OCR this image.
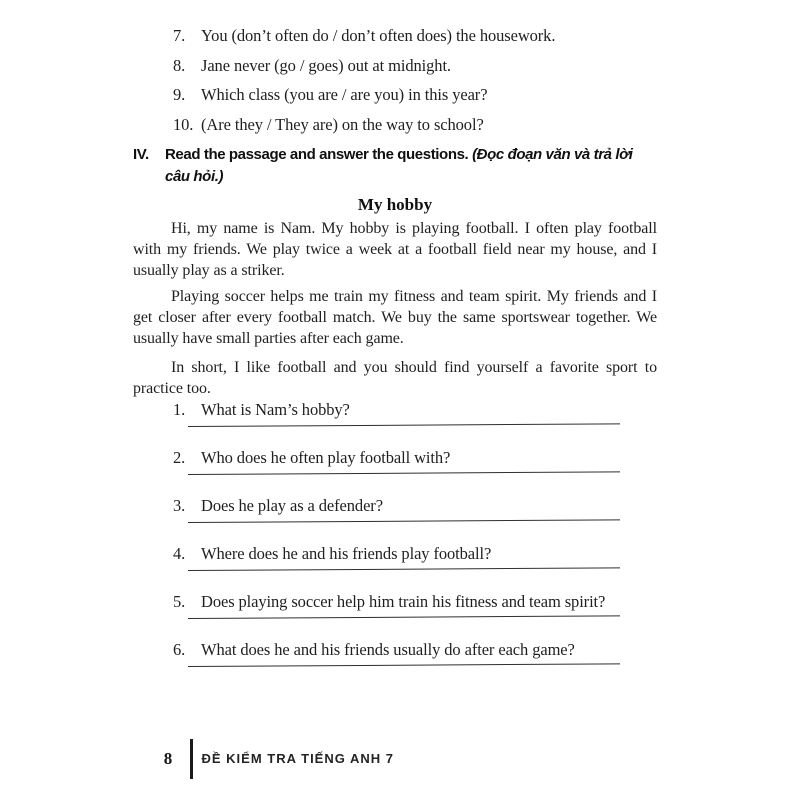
7. You (don’t often do / don’t often does) the housework.
8. Jane never (go / goes) out at midnight.
9. Which class (you are / are you) in this year?
10. (Are they / They are) on the way to school?
IV.	Read the passage and answer the questions. (Đọc đoạn văn và trả lời câu hỏi.)
My hobby

Hi, my name is Nam. My hobby is playing football. I often play football with my friends. We play twice a week at a football field near my house, and I usually play as a striker.

Playing soccer helps me train my fitness and team spirit. My friends and I get closer after every football match. We buy the same sportswear together. We usually have small parties after each game.

In short, I like football and you should find yourself a favorite sport to practice too.

1. What is Nam’s hobby?
2. Who does he often play football with?
3. Does he play as a defender?
4. Where does he and his friends play football?
5. Does playing soccer help him train his fitness and team spirit?
6. What does he and his friends usually do after each game?
8	ĐỀ KIỂM TRA TIẾNG ANH 7
